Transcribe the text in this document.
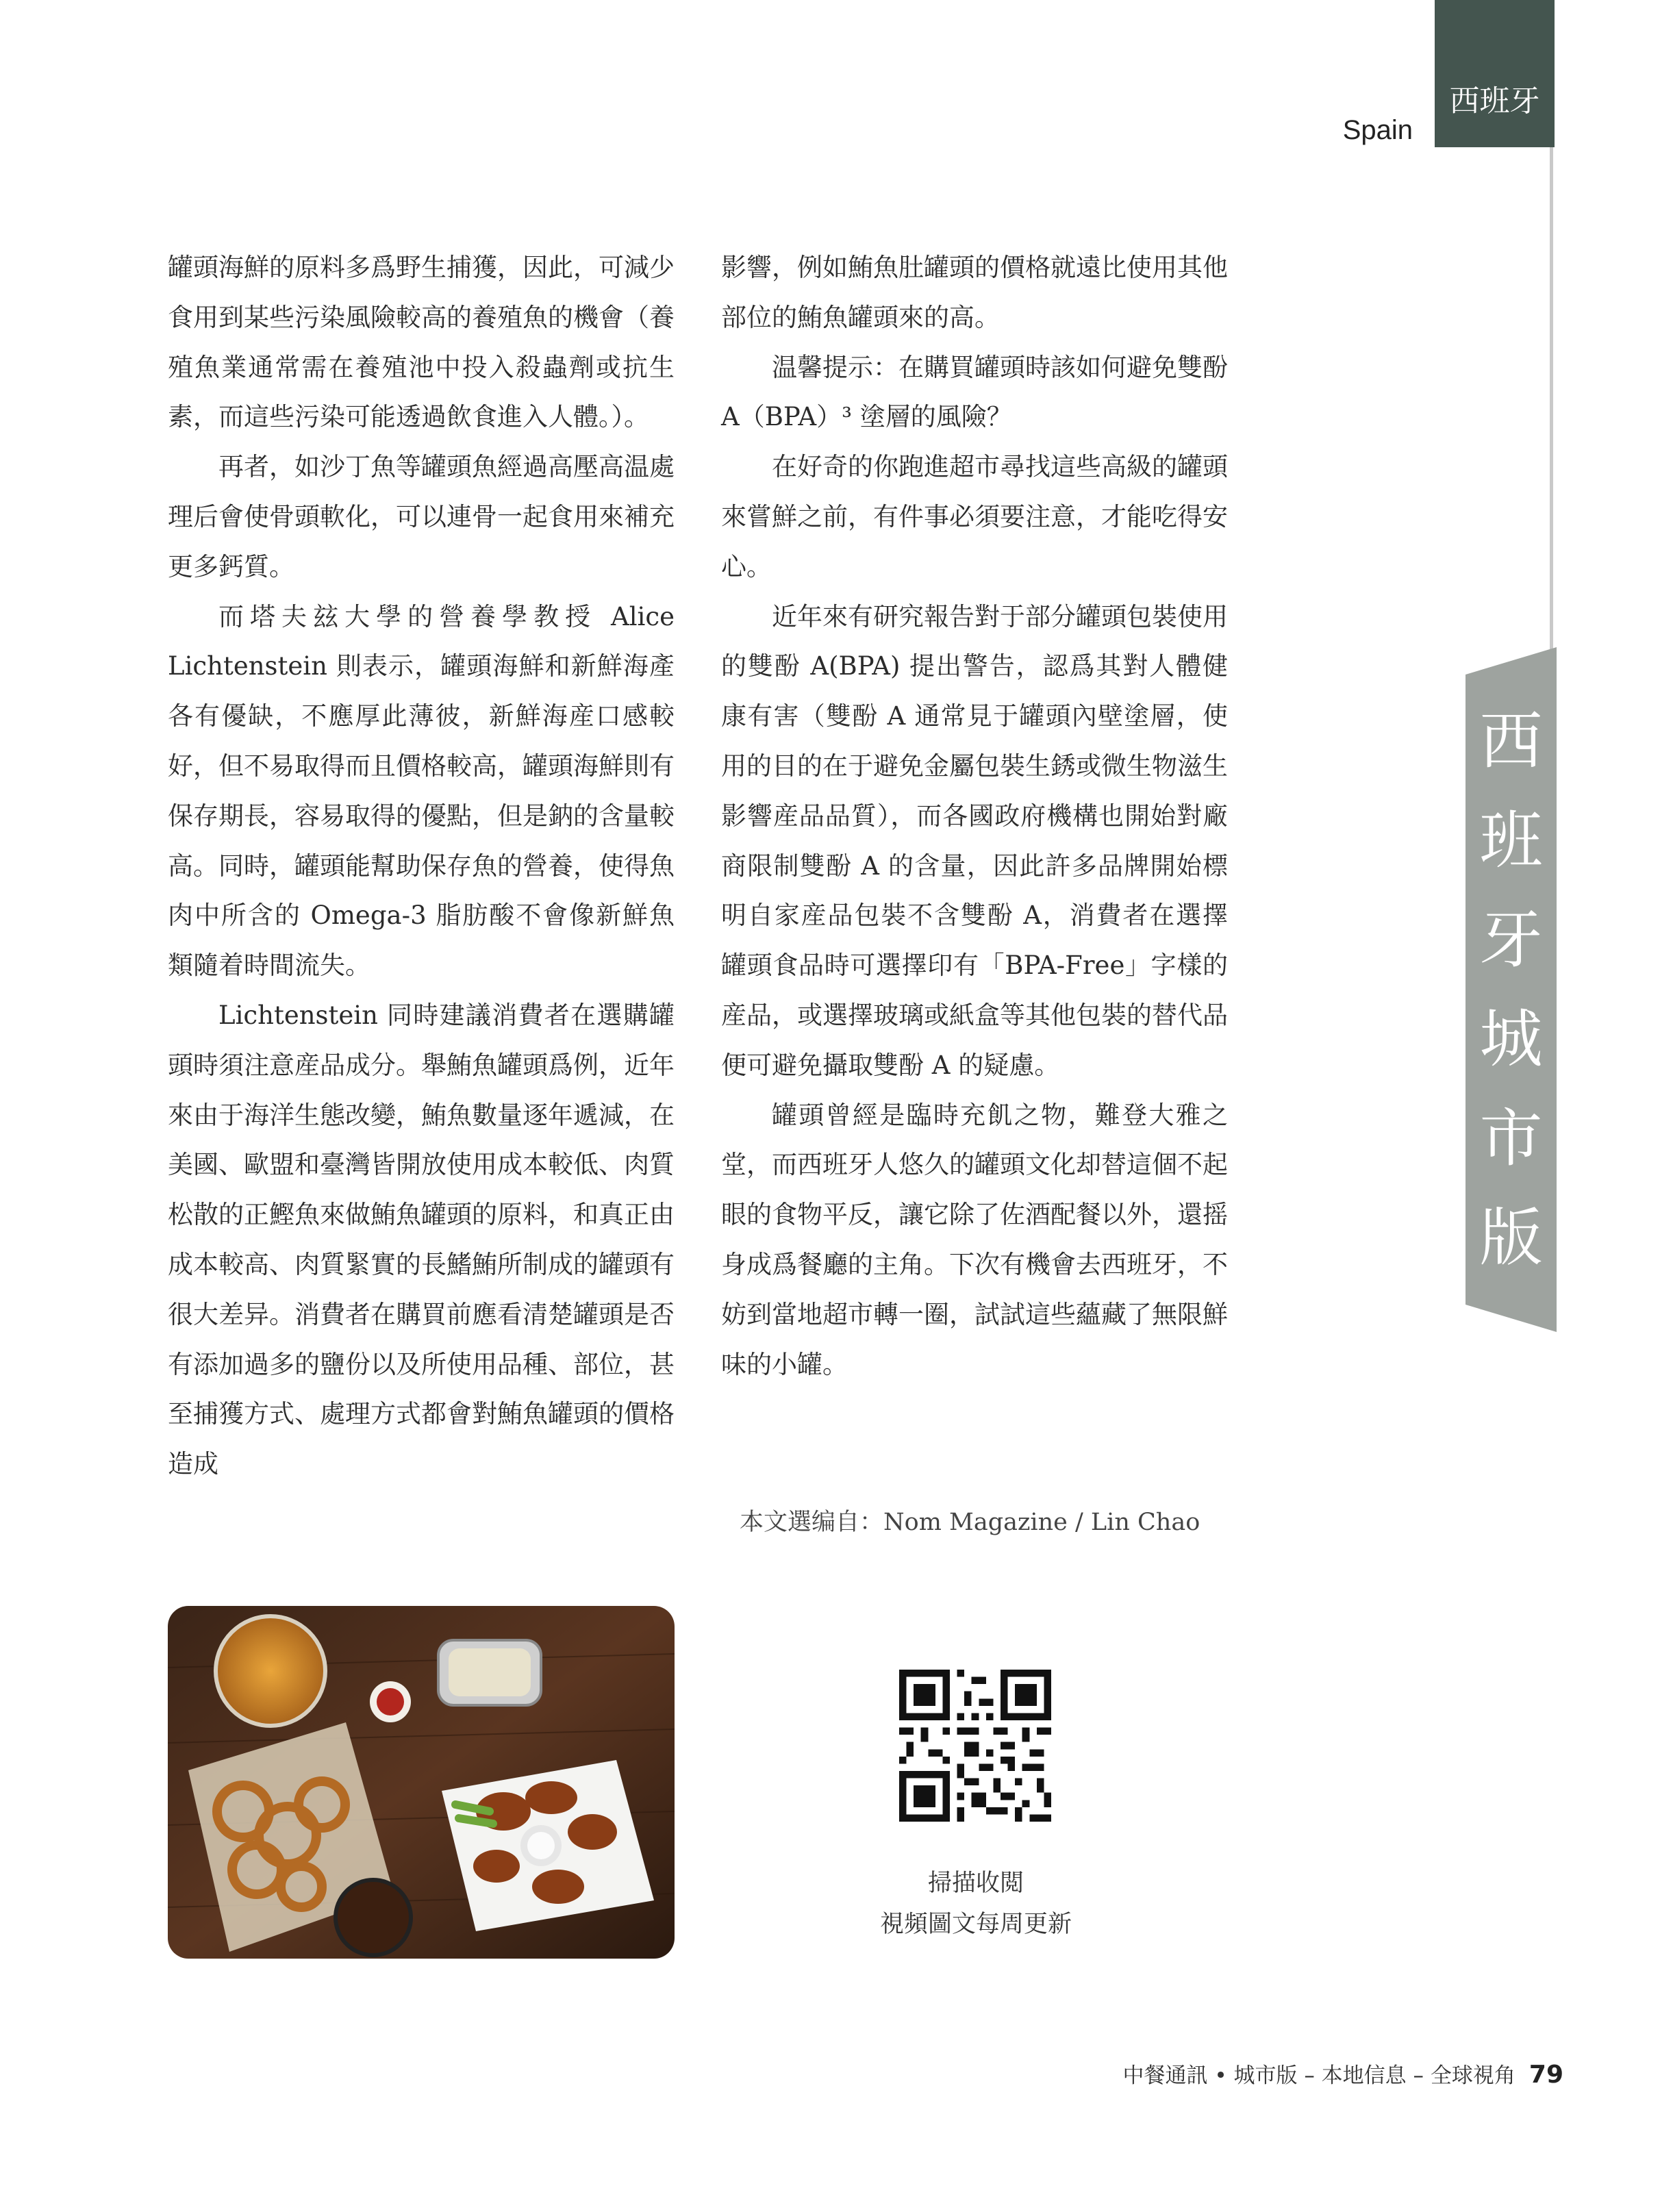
西班牙
Spain
西
班
牙
城
市
版

罐頭海鮮的原料多爲野生捕獲，因此，可減少食用到某些污染風險較高的養殖魚的機會（養殖魚業通常需在養殖池中投入殺蟲劑或抗生素，而這些污染可能透過飲食進入人體。）。

再者，如沙丁魚等罐頭魚經過高壓高温處理后會使骨頭軟化，可以連骨一起食用來補充更多鈣質。

而塔夫玆大學的營養學教授 Alice Lichtenstein 則表示，罐頭海鮮和新鮮海產各有優缺，不應厚此薄彼，新鮮海産口感較好，但不易取得而且價格較高，罐頭海鮮則有保存期長，容易取得的優點，但是鈉的含量較高。同時，罐頭能幫助保存魚的營養，使得魚肉中所含的 Omega-3 脂肪酸不會像新鮮魚類隨着時間流失。

Lichtenstein 同時建議消費者在選購罐頭時須注意産品成分。舉鮪魚罐頭爲例，近年來由于海洋生態改變，鮪魚數量逐年遞減，在美國、歐盟和臺灣皆開放使用成本較低、肉質松散的正鰹魚來做鮪魚罐頭的原料，和真正由成本較高、肉質緊實的長鰭鮪所制成的罐頭有很大差异。消費者在購買前應看清楚罐頭是否有添加過多的鹽份以及所使用品種、部位，甚至捕獲方式、處理方式都會對鮪魚罐頭的價格造成

影響，例如鮪魚肚罐頭的價格就遠比使用其他部位的鮪魚罐頭來的高。

温馨提示：在購買罐頭時該如何避免雙酚 A（BPA）³ 塗層的風險？

在好奇的你跑進超市尋找這些高級的罐頭來嘗鮮之前，有件事必須要注意，才能吃得安心。

近年來有研究報告對于部分罐頭包裝使用的雙酚 A(BPA) 提出警告，認爲其對人體健康有害（雙酚 A 通常見于罐頭內壁塗層，使用的目的在于避免金屬包裝生銹或微生物滋生影響産品品質），而各國政府機構也開始對廠商限制雙酚 A 的含量，因此許多品牌開始標明自家産品包裝不含雙酚 A，消費者在選擇罐頭食品時可選擇印有「BPA-Free」字樣的産品，或選擇玻璃或紙盒等其他包裝的替代品便可避免攝取雙酚 A 的疑慮。

罐頭曾經是臨時充飢之物，難登大雅之堂，而西班牙人悠久的罐頭文化却替這個不起眼的食物平反，讓它除了佐酒配餐以外，還摇身成爲餐廳的主角。下次有機會去西班牙，不妨到當地超市轉一圈，試試這些蘊藏了無限鮮味的小罐。

本文選编自：Nom Magazine / Lin Chao
掃描收閲
視頻圖文每周更新
中餐通訊 • 城市版 – 本地信息 – 全球視角 79
